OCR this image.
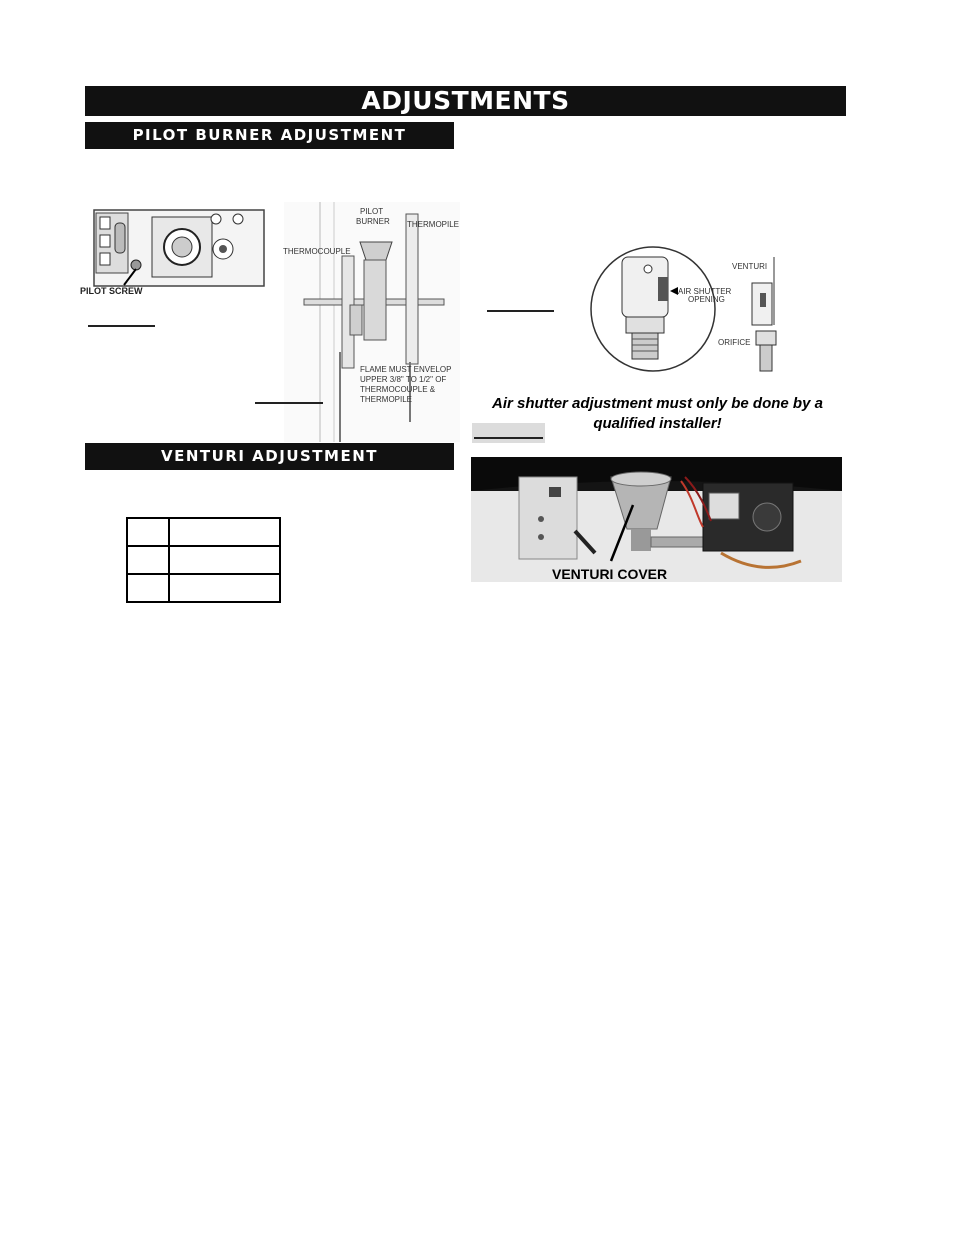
ADJUSTMENTS
PILOT BURNER ADJUSTMENT
PILOT SCREW
PILOT
BURNER
THERMOCOUPLE
THERMOPILE
FLAME MUST ENVELOP
UPPER 3/8" TO 1/2" OF
THERMOCOUPLE &
THERMOPILE
VENTURI ADJUSTMENT

AIR SHUTTER
OPENING
VENTURI
ORIFICE
Air shutter adjustment must only be done by a qualified installer!
VENTURI COVER
